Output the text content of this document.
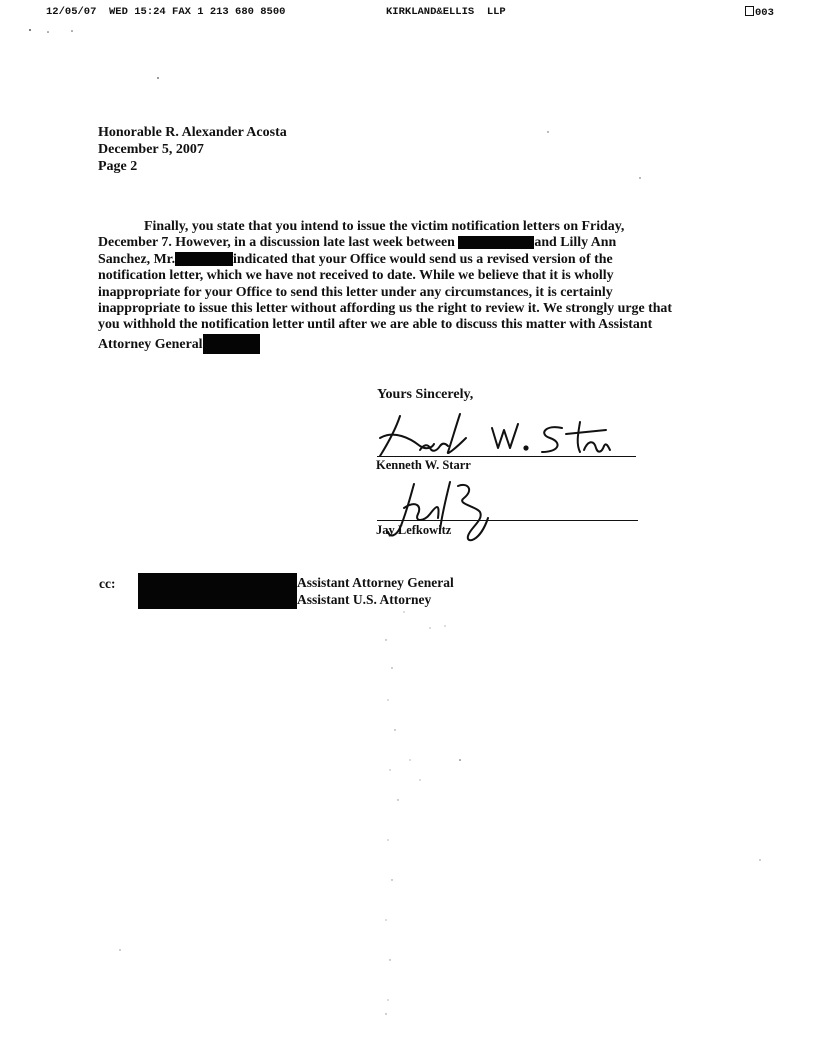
12/05/07  WED 15:24 FAX 1 213 680 8500	KIRKLAND&ELLIS  LLP	003
Honorable R. Alexander Acosta
December 5, 2007
Page 2
Finally, you state that you intend to issue the victim notification letters on Friday,
December 7. However, in a discussion late last week between	and Lilly Ann
Sanchez, Mr.	indicated that your Office would send us a revised version of the
notification letter, which we have not received to date. While we believe that it is wholly
inappropriate for your Office to send this letter under any circumstances, it is certainly
inappropriate to issue this letter without affording us the right to review it. We strongly urge that
you withhold the notification letter until after we are able to discuss this matter with Assistant
Attorney General
Yours Sincerely,
Kenneth W. Starr
Jay Lefkowitz
cc:	Assistant Attorney General
Assistant U.S. Attorney
